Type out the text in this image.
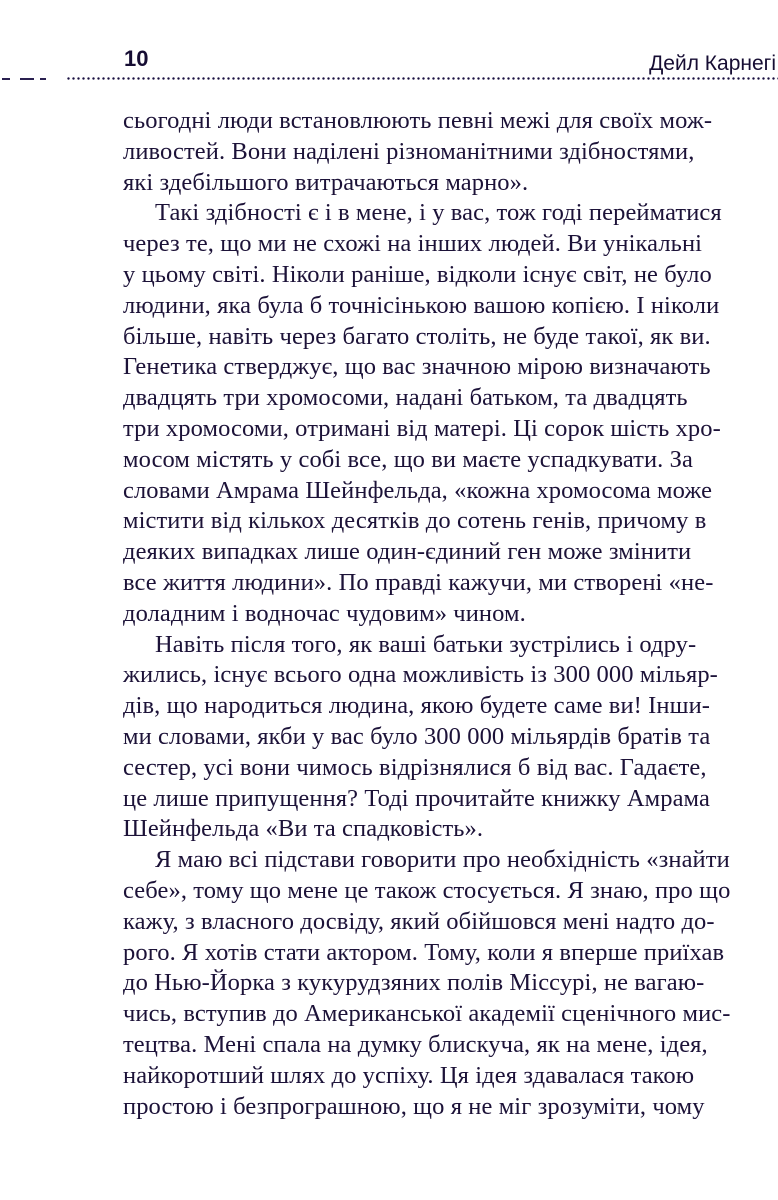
10	Дейл Карнегі
сьогодні люди встановлюють певні межі для своїх мож-
ливостей. Вони наділені різноманітними здібностями,
які здебільшого витрачаються марно».
Такі здібності є і в мене, і у вас, тож годі перейматися
через те, що ми не схожі на інших людей. Ви унікальні
у цьому світі. Ніколи раніше, відколи існує світ, не було
людини, яка була б точнісінькою вашою копією. І ніколи
більше, навіть через багато століть, не буде такої, як ви.
Генетика стверджує, що вас значною мірою визначають
двадцять три хромосоми, надані батьком, та двадцять
три хромосоми, отримані від матері. Ці сорок шість хро-
мосом містять у собі все, що ви маєте успадкувати. За
словами Амрама Шейнфельда, «кожна хромосома може
містити від кількох десятків до сотень генів, причому в
деяких випадках лише один-єдиний ген може змінити
все життя людини». По правді кажучи, ми створені «не-
доладним і водночас чудовим» чином.
Навіть після того, як ваші батьки зустрілись і одру-
жились, існує всього одна можливість із 300 000 мільяр-
дів, що народиться людина, якою будете саме ви! Інши-
ми словами, якби у вас було 300 000 мільярдів братів та
сестер, усі вони чимось відрізнялися б від вас. Гадаєте,
це лише припущення? Тоді прочитайте книжку Амрама
Шейнфельда «Ви та спадковість».
Я маю всі підстави говорити про необхідність «знайти
себе», тому що мене це також стосується. Я знаю, про що
кажу, з власного досвіду, який обійшовся мені надто до-
рого. Я хотів стати актором. Тому, коли я вперше приїхав
до Нью-Йорка з кукурудзяних полів Міссурі, не вагаю-
чись, вступив до Американської академії сценічного мис-
тецтва. Мені спала на думку блискуча, як на мене, ідея,
найкоротший шлях до успіху. Ця ідея здавалася такою
простою і безпрограшною, що я не міг зрозуміти, чому
